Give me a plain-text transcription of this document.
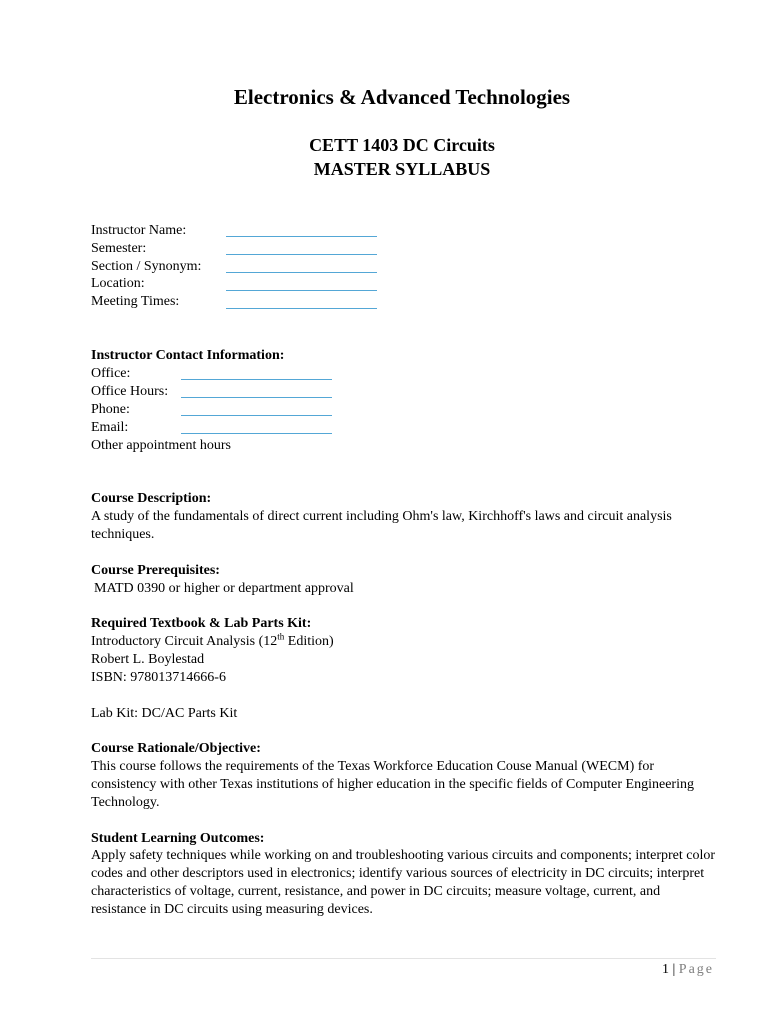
Electronics & Advanced Technologies
CETT 1403 DC Circuits
MASTER SYLLABUS
Instructor Name:
Semester:
Section / Synonym:
Location:
Meeting Times:
Instructor Contact Information:
Office:
Office Hours:
Phone:
Email:
Other appointment hours
Course Description:
A study of the fundamentals of direct current including Ohm's law, Kirchhoff's laws and circuit analysis techniques.
Course Prerequisites:
MATD 0390 or higher or department approval
Required Textbook & Lab Parts Kit:
Introductory Circuit Analysis (12th Edition)
Robert L. Boylestad
ISBN: 978013714666-6
Lab Kit: DC/AC Parts Kit
Course Rationale/Objective:
This course follows the requirements of the Texas Workforce Education Couse Manual (WECM) for consistency with other Texas institutions of higher education in the specific fields of Computer Engineering Technology.
Student Learning Outcomes:
Apply safety techniques while working on and troubleshooting various circuits and components; interpret color codes and other descriptors used in electronics; identify various sources of electricity in DC circuits; interpret characteristics of voltage, current, resistance, and power in DC circuits; measure voltage, current, and resistance in DC circuits using measuring devices.
1 | Page
